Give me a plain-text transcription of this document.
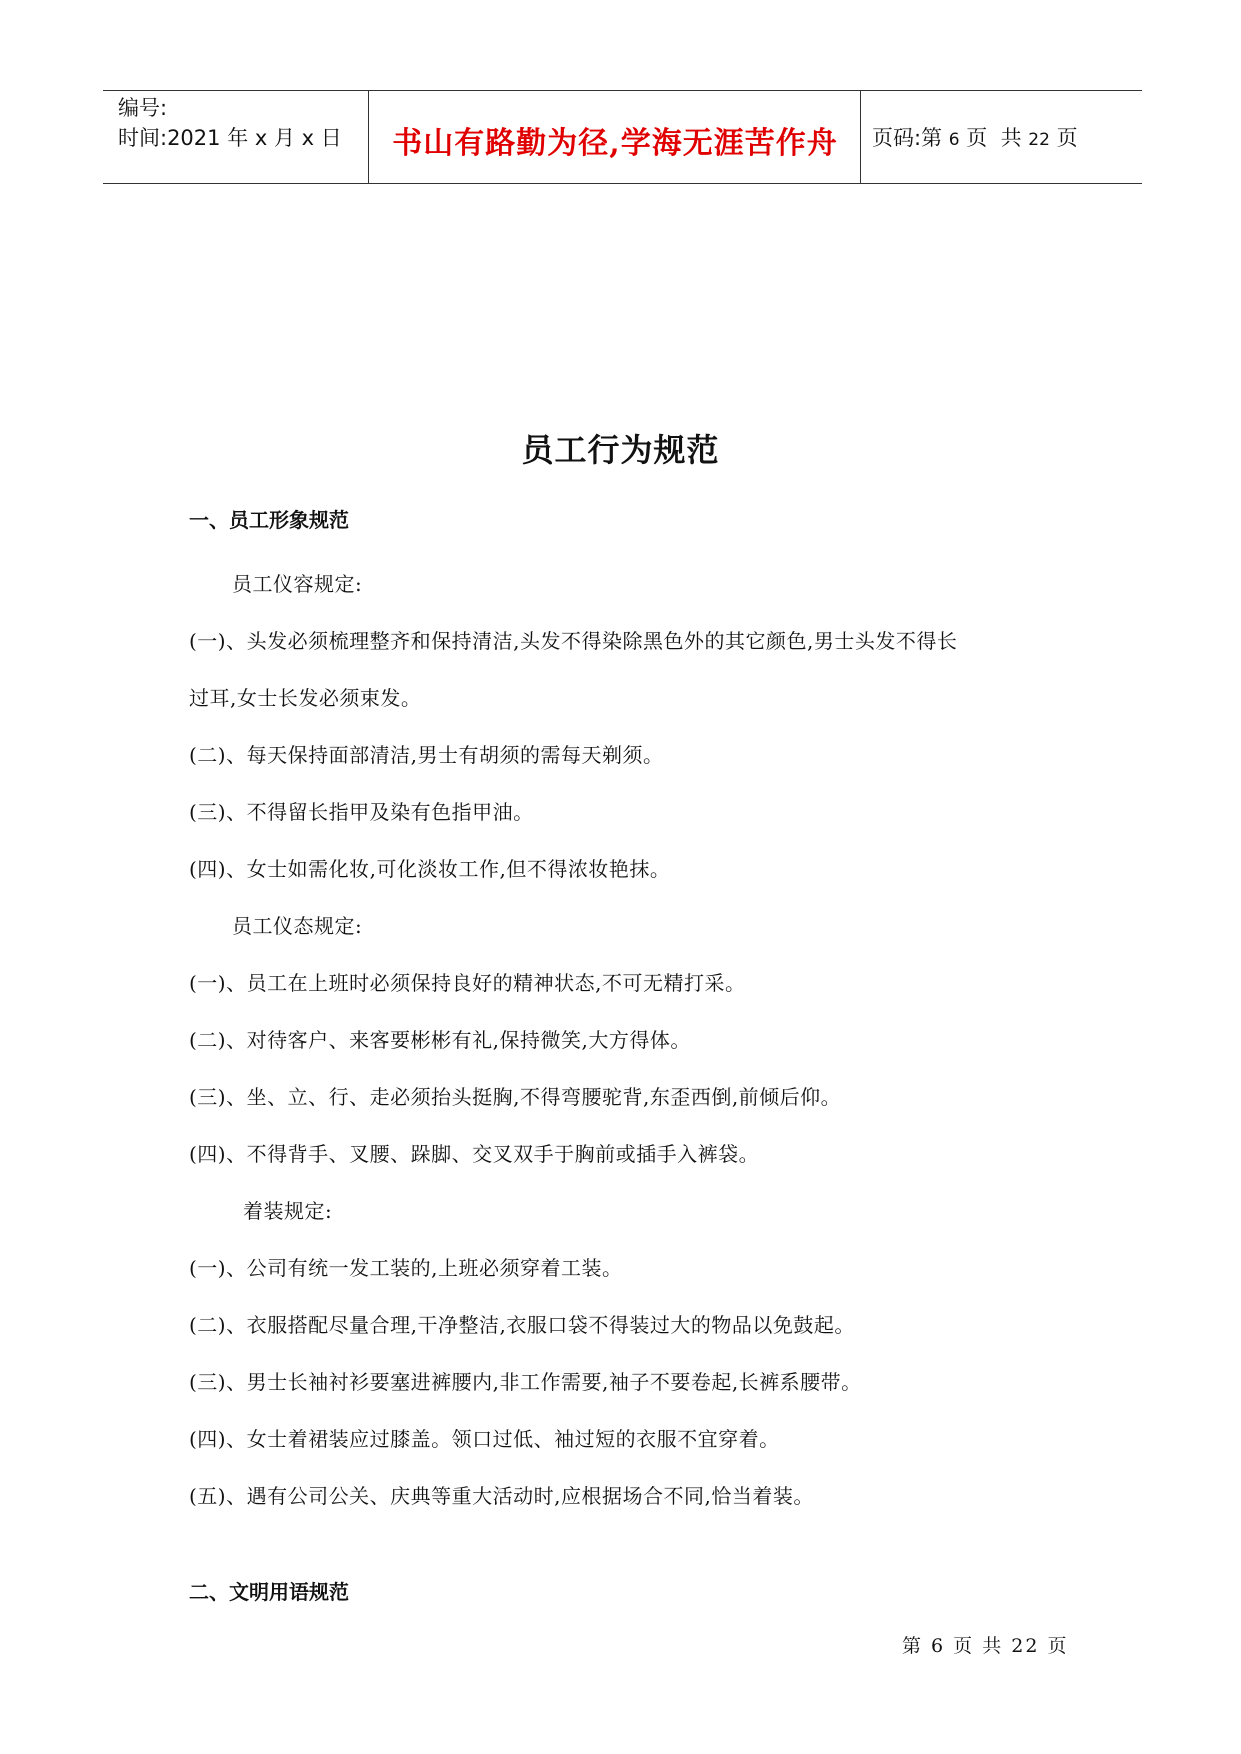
编号:
时间:2021 年 x 月 x 日	书山有路勤为径,学海无涯苦作舟	页码:第 6 页  共 22 页
员工行为规范
一、员工形象规范
员工仪容规定:
(一)、头发必须梳理整齐和保持清洁,头发不得染除黑色外的其它颜色,男士头发不得长
过耳,女士长发必须束发。
(二)、每天保持面部清洁,男士有胡须的需每天剃须。
(三)、不得留长指甲及染有色指甲油。
(四)、女士如需化妆,可化淡妆工作,但不得浓妆艳抹。
员工仪态规定:
(一)、员工在上班时必须保持良好的精神状态,不可无精打采。
(二)、对待客户、来客要彬彬有礼,保持微笑,大方得体。
(三)、坐、立、行、走必须抬头挺胸,不得弯腰驼背,东歪西倒,前倾后仰。
(四)、不得背手、叉腰、跺脚、交叉双手于胸前或插手入裤袋。
着装规定:
(一)、公司有统一发工装的,上班必须穿着工装。
(二)、衣服搭配尽量合理,干净整洁,衣服口袋不得装过大的物品以免鼓起。
(三)、男士长袖衬衫要塞进裤腰内,非工作需要,袖子不要卷起,长裤系腰带。
(四)、女士着裙装应过膝盖。领口过低、袖过短的衣服不宜穿着。
(五)、遇有公司公关、庆典等重大活动时,应根据场合不同,恰当着装。
二、文明用语规范
第 6 页 共 22 页
